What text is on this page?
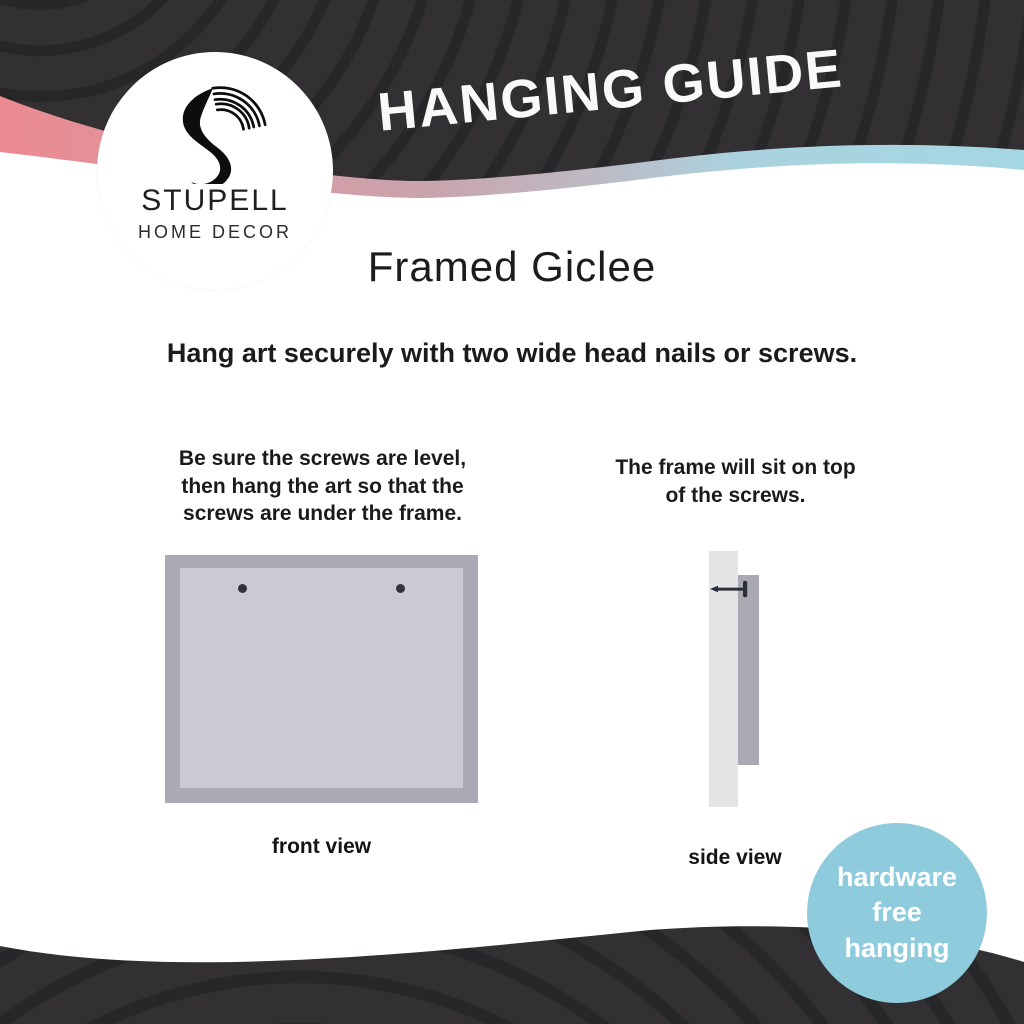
HANGING GUIDE
STUPELL
HOME DECOR
Framed Giclee
Hang art securely with two wide head nails or screws.
Be sure the screws are level,
then hang the art so that the
screws are under the frame.
The frame will sit on top
of the screws.
front view	side view
hardware
free
hanging
